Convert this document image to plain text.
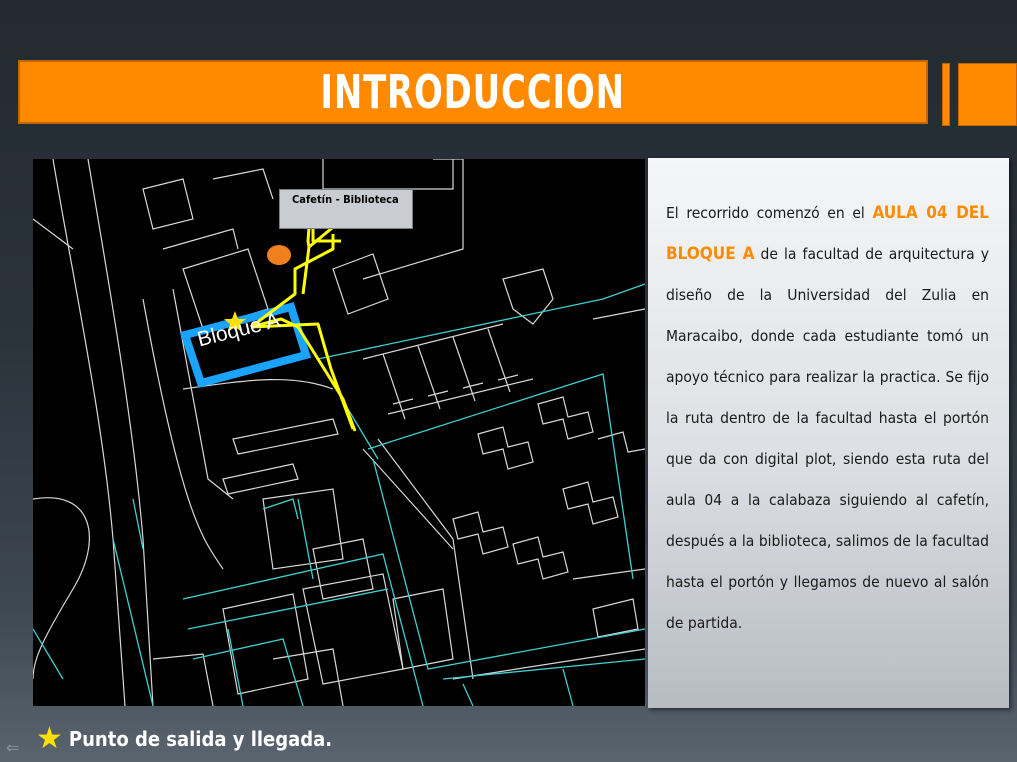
INTRODUCCION
Cafetín - Biblioteca
Bloque A

El recorrido comenzó en el AULA 04 DEL BLOQUE A de la facultad de arquitectura y diseño de la Universidad del Zulia en Maracaibo, donde cada estudiante tomó un apoyo técnico para realizar la practica. Se fijo la ruta dentro de la facultad hasta el portón que da con digital plot, siendo esta ruta del aula 04 a la calabaza siguiendo al cafetín, después a la biblioteca, salimos de la facultad hasta el portón y llegamos de nuevo al salón de partida.

★ Punto de salida y llegada.
⇐
